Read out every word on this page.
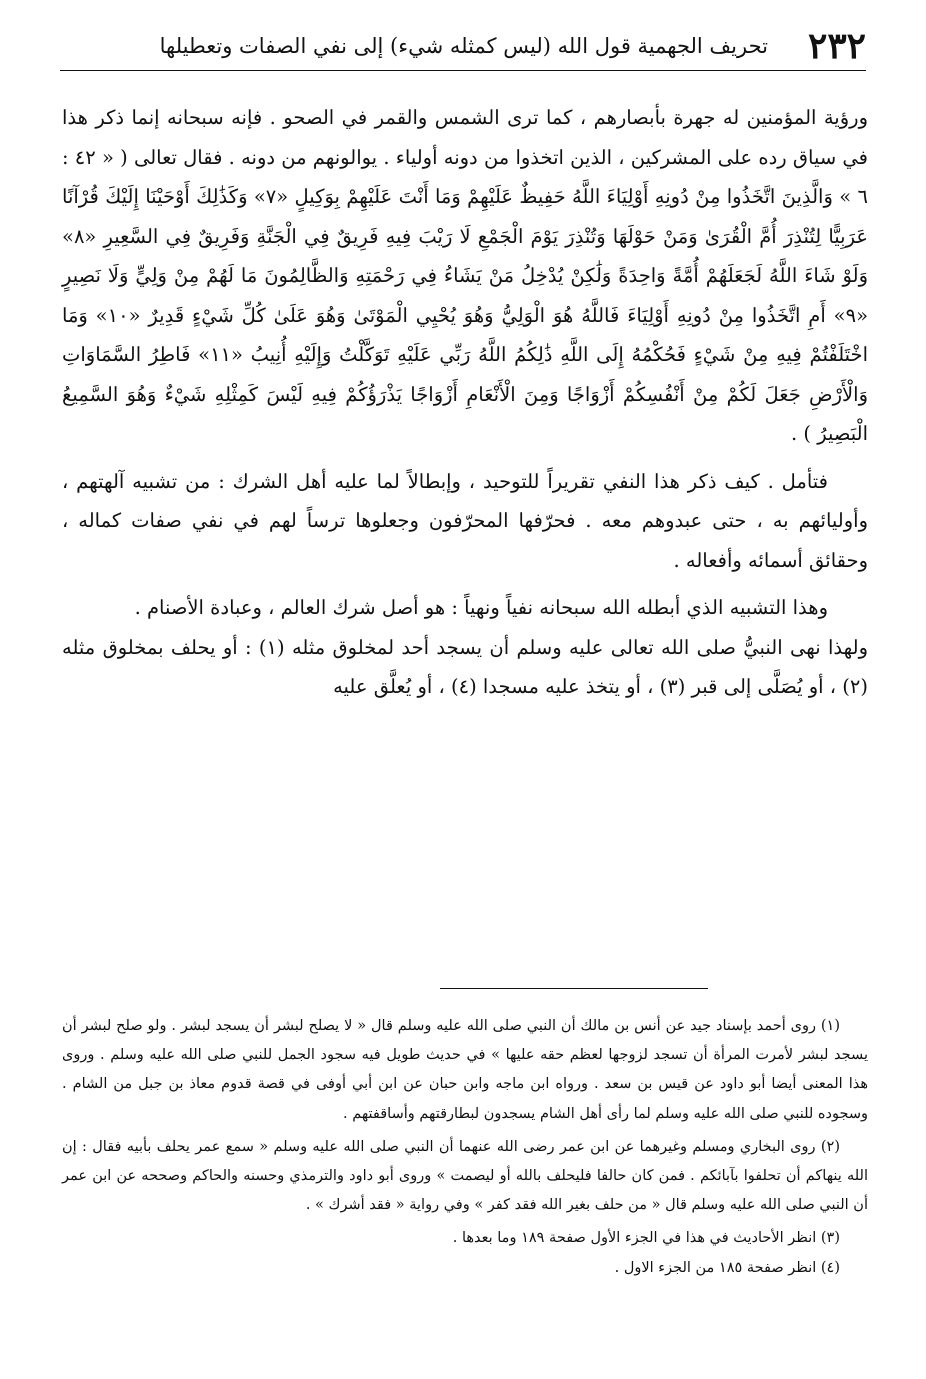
٢٣٢
تحريف الجهمية قول الله (ليس كمثله شيء) إلى نفي الصفات وتعطيلها

ورؤية المؤمنين له جهرة بأبصارهم ، كما ترى الشمس والقمر في الصحو . فإنه سبحانه إنما ذكر هذا في سياق رده على المشركين ، الذين اتخذوا من دونه أولياء . يوالونهم من دونه . فقال تعالى ( « ٤٢ : ٦ » وَالَّذِينَ اتَّخَذُوا مِنْ دُونِهِ أَوْلِيَاءَ اللَّهُ حَفِيظٌ عَلَيْهِمْ وَمَا أَنْتَ عَلَيْهِمْ بِوَكِيلٍ «٧» وَكَذَٰلِكَ أَوْحَيْنَا إِلَيْكَ قُرْآنًا عَرَبِيًّا لِتُنْذِرَ أُمَّ الْقُرَىٰ وَمَنْ حَوْلَهَا وَتُنْذِرَ يَوْمَ الْجَمْعِ لَا رَيْبَ فِيهِ فَرِيقٌ فِي الْجَنَّةِ وَفَرِيقٌ فِي السَّعِيرِ «٨» وَلَوْ شَاءَ اللَّهُ لَجَعَلَهُمْ أُمَّةً وَاحِدَةً وَلَٰكِنْ يُدْخِلُ مَنْ يَشَاءُ فِي رَحْمَتِهِ وَالظَّالِمُونَ مَا لَهُمْ مِنْ وَلِيٍّ وَلَا نَصِيرٍ «٩» أَمِ اتَّخَذُوا مِنْ دُونِهِ أَوْلِيَاءَ فَاللَّهُ هُوَ الْوَلِيُّ وَهُوَ يُحْيِي الْمَوْتَىٰ وَهُوَ عَلَىٰ كُلِّ شَيْءٍ قَدِيرٌ «١٠» وَمَا اخْتَلَفْتُمْ فِيهِ مِنْ شَيْءٍ فَحُكْمُهُ إِلَى اللَّهِ ذَٰلِكُمُ اللَّهُ رَبِّي عَلَيْهِ تَوَكَّلْتُ وَإِلَيْهِ أُنِيبُ «١١» فَاطِرُ السَّمَاوَاتِ وَالْأَرْضِ جَعَلَ لَكُمْ مِنْ أَنْفُسِكُمْ أَزْوَاجًا وَمِنَ الْأَنْعَامِ أَزْوَاجًا يَذْرَؤُكُمْ فِيهِ لَيْسَ كَمِثْلِهِ شَيْءٌ وَهُوَ السَّمِيعُ الْبَصِيرُ ) .

فتأمل . كيف ذكر هذا النفي تقريراً للتوحيد ، وإبطالاً لما عليه أهل الشرك : من تشبيه آلهتهم ، وأوليائهم به ، حتى عبدوهم معه . فحرّفها المحرّفون وجعلوها ترساً لهم في نفي صفات كماله ، وحقائق أسمائه وأفعاله .

وهذا التشبيه الذي أبطله الله سبحانه نفياً ونهياً : هو أصل شرك العالم ، وعبادة الأصنام .

ولهذا نهى النبيُّ صلى الله تعالى عليه وسلم أن يسجد أحد لمخلوق مثله (١) : أو يحلف بمخلوق مثله (٢) ، أو يُصَلَّى إلى قبر (٣) ، أو يتخذ عليه مسجدا (٤) ، أو يُعلَّق عليه

(١) روى أحمد بإسناد جيد عن أنس بن مالك أن النبي صلى الله عليه وسلم قال « لا يصلح لبشر أن يسجد لبشر . ولو صلح لبشر أن يسجد لبشر لأمرت المرأة أن تسجد لزوجها لعظم حقه عليها » في حديث طويل فيه سجود الجمل للنبي صلى الله عليه وسلم . وروى هذا المعنى أيضا أبو داود عن قيس بن سعد . ورواه ابن ماجه وابن حبان عن ابن أبي أوفى في قصة قدوم معاذ بن جبل من الشام . وسجوده للنبي صلى الله عليه وسلم لما رأى أهل الشام يسجدون لبطارقتهم وأساقفتهم .

(٢) روى البخاري ومسلم وغيرهما عن ابن عمر رضى الله عنهما أن النبي صلى الله عليه وسلم « سمع عمر يحلف بأبيه فقال : إن الله ينهاكم أن تحلفوا بآبائكم . فمن كان حالفا فليحلف بالله أو ليصمت » وروى أبو داود والترمذي وحسنه والحاكم وصححه عن ابن عمر أن النبي صلى الله عليه وسلم قال « من حلف بغير الله فقد كفر » وفي رواية « فقد أشرك » .

(٣) انظر الأحاديث في هذا في الجزء الأول صفحة ١٨٩ وما بعدها .

(٤) انظر صفحة ١٨٥ من الجزء الاول .
